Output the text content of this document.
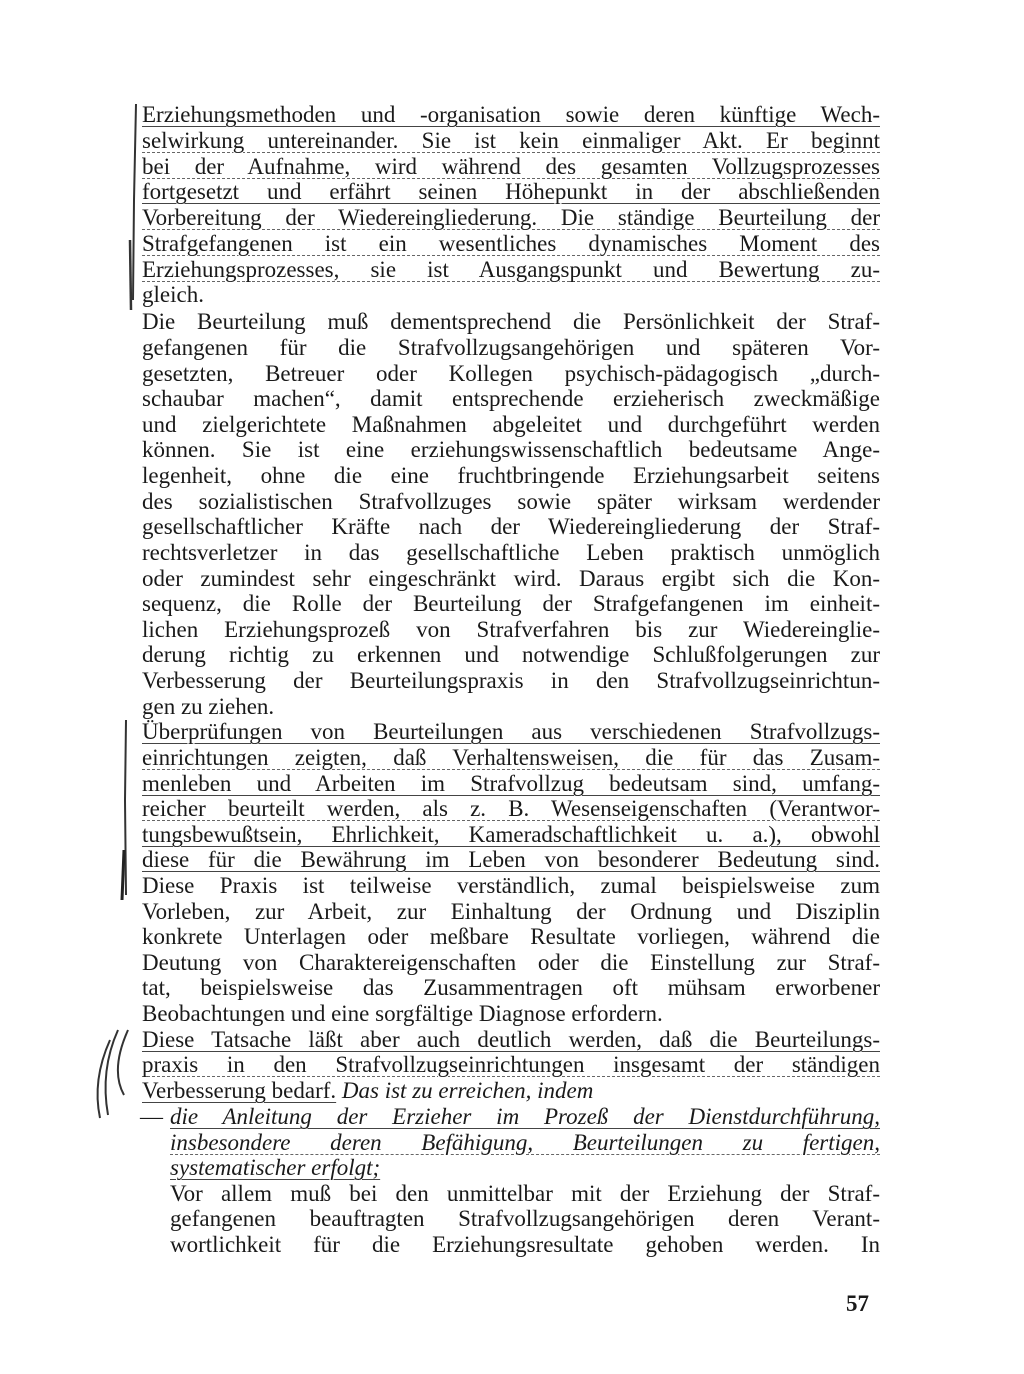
Erziehungsmethoden und -organisation sowie deren künftige Wech-
selwirkung untereinander. Sie ist kein einmaliger Akt. Er beginnt
bei der Aufnahme, wird während des gesamten Vollzugsprozesses
fortgesetzt und erfährt seinen Höhepunkt in der abschließenden
Vorbereitung der Wiedereingliederung. Die ständige Beurteilung der
Strafgefangenen ist ein wesentliches dynamisches Moment des
Erziehungsprozesses, sie ist Ausgangspunkt und Bewertung zu-
gleich.
Die Beurteilung muß dementsprechend die Persönlichkeit der Straf-
gefangenen für die Strafvollzugsangehörigen und späteren Vor-
gesetzten, Betreuer oder Kollegen psychisch-pädagogisch „durch-
schaubar machen“, damit entsprechende erzieherisch zweckmäßige
und zielgerichtete Maßnahmen abgeleitet und durchgeführt werden
können. Sie ist eine erziehungswissenschaftlich bedeutsame Ange-
legenheit, ohne die eine fruchtbringende Erziehungsarbeit seitens
des sozialistischen Strafvollzuges sowie später wirksam werdender
gesellschaftlicher Kräfte nach der Wiedereingliederung der Straf-
rechtsverletzer in das gesellschaftliche Leben praktisch unmöglich
oder zumindest sehr eingeschränkt wird. Daraus ergibt sich die Kon-
sequenz, die Rolle der Beurteilung der Strafgefangenen im einheit-
lichen Erziehungsprozeß von Strafverfahren bis zur Wiedereinglie-
derung richtig zu erkennen und notwendige Schlußfolgerungen zur
Verbesserung der Beurteilungspraxis in den Strafvollzugseinrichtun-
gen zu ziehen.
Überprüfungen von Beurteilungen aus verschiedenen Strafvollzugs-
einrichtungen zeigten, daß Verhaltensweisen, die für das Zusam-
menleben und Arbeiten im Strafvollzug bedeutsam sind, umfang-
reicher beurteilt werden, als z. B. Wesenseigenschaften (Verantwor-
tungsbewußtsein, Ehrlichkeit, Kameradschaftlichkeit u. a.), obwohl
diese für die Bewährung im Leben von besonderer Bedeutung sind.
Diese Praxis ist teilweise verständlich, zumal beispielsweise zum
Vorleben, zur Arbeit, zur Einhaltung der Ordnung und Disziplin
konkrete Unterlagen oder meßbare Resultate vorliegen, während die
Deutung von Charaktereigenschaften oder die Einstellung zur Straf-
tat, beispielsweise das Zusammentragen oft mühsam erworbener
Beobachtungen und eine sorgfältige Diagnose erfordern.
Diese Tatsache läßt aber auch deutlich werden, daß die Beurteilungs-
praxis in den Strafvollzugseinrichtungen insgesamt der ständigen
Verbesserung bedarf. Das ist zu erreichen, indem
— die Anleitung der Erzieher im Prozeß der Dienstdurchführung,
insbesondere deren Befähigung, Beurteilungen zu fertigen,
systematischer erfolgt;
Vor allem muß bei den unmittelbar mit der Erziehung der Straf-
gefangenen beauftragten Strafvollzugsangehörigen deren Verant-
wortlichkeit für die Erziehungsresultate gehoben werden. In
57
